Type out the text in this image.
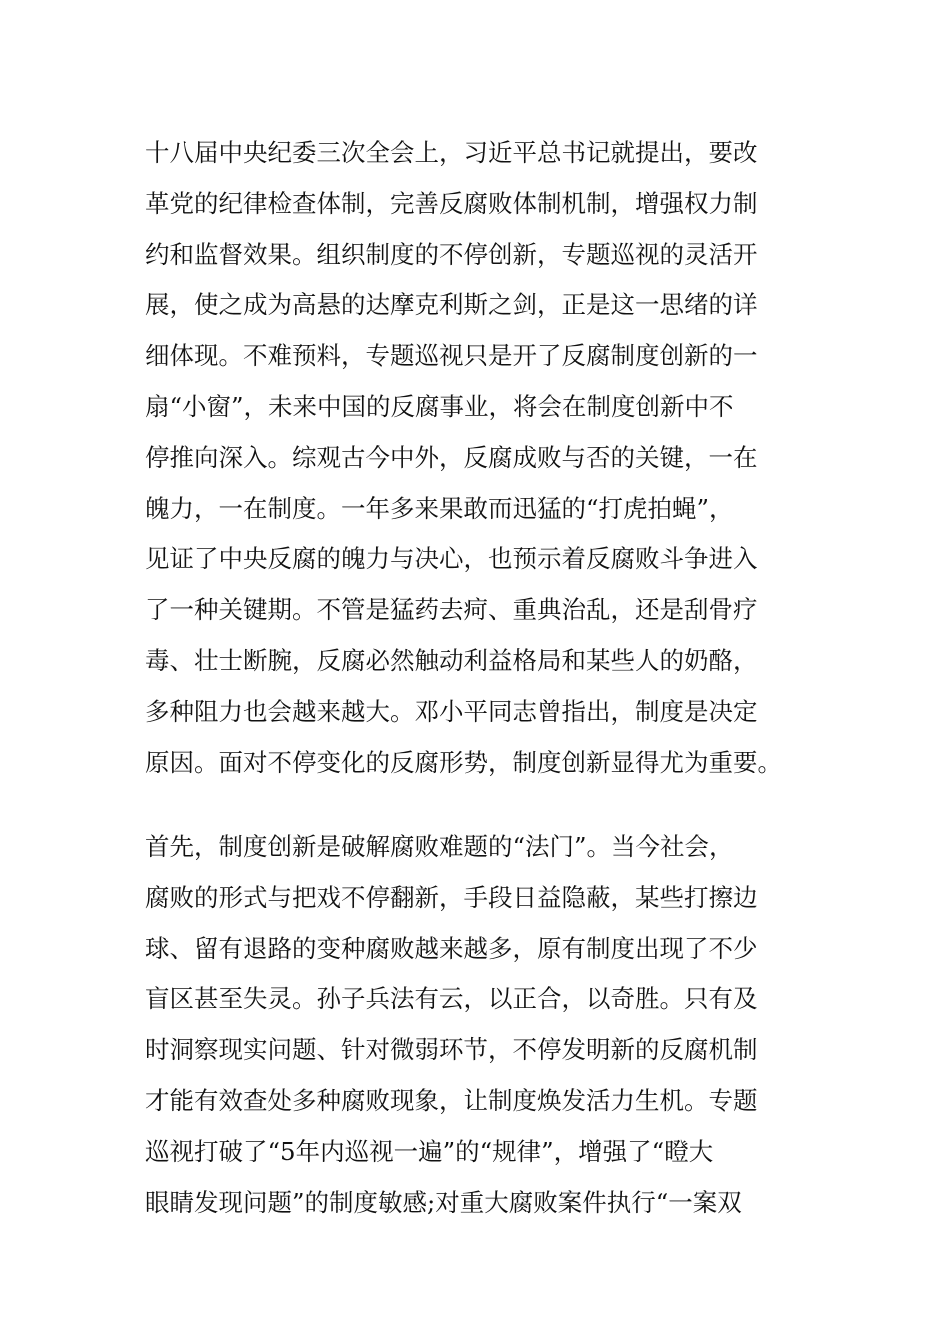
十八届中央纪委三次全会上，习近平总书记就提出，要改
革党的纪律检查体制，完善反腐败体制机制，增强权力制
约和监督效果。组织制度的不停创新，专题巡视的灵活开
展，使之成为高悬的达摩克利斯之剑，正是这一思绪的详
细体现。不难预料，专题巡视只是开了反腐制度创新的一
扇“小窗”，未来中国的反腐事业，将会在制度创新中不
停推向深入。综观古今中外，反腐成败与否的关键，一在
魄力，一在制度。一年多来果敢而迅猛的“打虎拍蝇”，
见证了中央反腐的魄力与决心，也预示着反腐败斗争进入
了一种关键期。不管是猛药去疴、重典治乱，还是刮骨疗
毒、壮士断腕，反腐必然触动利益格局和某些人的奶酪，
多种阻力也会越来越大。邓小平同志曾指出，制度是决定
原因。面对不停变化的反腐形势，制度创新显得尤为重要。
首先，制度创新是破解腐败难题的“法门”。当今社会，
腐败的形式与把戏不停翻新，手段日益隐蔽，某些打擦边
球、留有退路的变种腐败越来越多，原有制度出现了不少
盲区甚至失灵。孙子兵法有云，以正合，以奇胜。只有及
时洞察现实问题、针对微弱环节，不停发明新的反腐机制
才能有效查处多种腐败现象，让制度焕发活力生机。专题
巡视打破了“5年内巡视一遍”的“规律”，增强了“瞪大
眼睛发现问题”的制度敏感;对重大腐败案件执行“一案双
